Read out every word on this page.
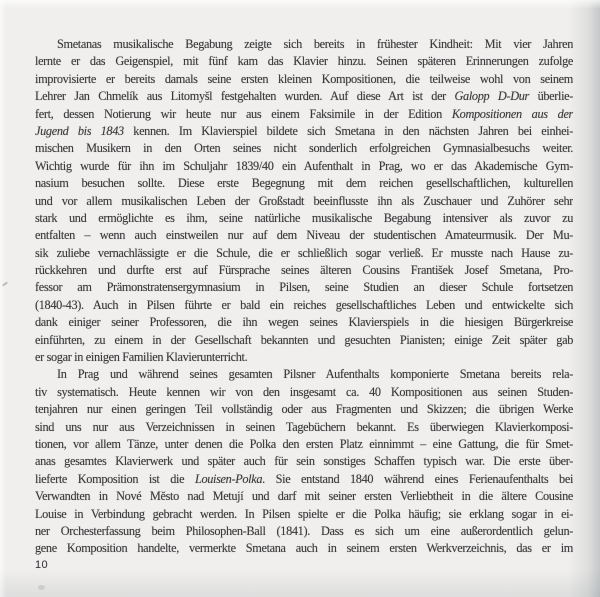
Smetanas musikalische Begabung zeigte sich bereits in frühester Kindheit: Mit vier Jahren
lernte er das Geigenspiel, mit fünf kam das Klavier hinzu. Seinen späteren Erinnerungen zufolge
improvisierte er bereits damals seine ersten kleinen Kompositionen, die teilweise wohl von seinem
Lehrer Jan Chmelík aus Litomyšl festgehalten wurden. Auf diese Art ist der Galopp D-Dur überlie-
fert, dessen Notierung wir heute nur aus einem Faksimile in der Edition Kompositionen aus der
Jugend bis 1843 kennen. Im Klavierspiel bildete sich Smetana in den nächsten Jahren bei einhei-
mischen Musikern in den Orten seines nicht sonderlich erfolgreichen Gymnasialbesuchs weiter.
Wichtig wurde für ihn im Schuljahr 1839/40 ein Aufenthalt in Prag, wo er das Akademische Gym-
nasium besuchen sollte. Diese erste Begegnung mit dem reichen gesellschaftlichen, kulturellen
und vor allem musikalischen Leben der Großstadt beeinflusste ihn als Zuschauer und Zuhörer sehr
stark und ermöglichte es ihm, seine natürliche musikalische Begabung intensiver als zuvor zu
entfalten – wenn auch einstweilen nur auf dem Niveau der studentischen Amateurmusik. Der Mu-
sik zuliebe vernachlässigte er die Schule, die er schließlich sogar verließ. Er musste nach Hause zu-
rückkehren und durfte erst auf Fürsprache seines älteren Cousins František Josef Smetana, Pro-
fessor am Prämonstratensergymnasium in Pilsen, seine Studien an dieser Schule fortsetzen
(1840-43). Auch in Pilsen führte er bald ein reiches gesellschaftliches Leben und entwickelte sich
dank einiger seiner Professoren, die ihn wegen seines Klavierspiels in die hiesigen Bürgerkreise
einführten, zu einem in der Gesellschaft bekannten und gesuchten Pianisten; einige Zeit später gab
er sogar in einigen Familien Klavierunterricht.
In Prag und während seines gesamten Pilsner Aufenthalts komponierte Smetana bereits rela-
tiv systematisch. Heute kennen wir von den insgesamt ca. 40 Kompositionen aus seinen Studen-
tenjahren nur einen geringen Teil vollständig oder aus Fragmenten und Skizzen; die übrigen Werke
sind uns nur aus Verzeichnissen in seinen Tagebüchern bekannt. Es überwiegen Klavierkomposi-
tionen, vor allem Tänze, unter denen die Polka den ersten Platz einnimmt – eine Gattung, die für Smet-
anas gesamtes Klavierwerk und später auch für sein sonstiges Schaffen typisch war. Die erste über-
lieferte Komposition ist die Louisen-Polka. Sie entstand 1840 während eines Ferienaufenthalts bei
Verwandten in Nové Město nad Metují und darf mit seiner ersten Verliebtheit in die ältere Cousine
Louise in Verbindung gebracht werden. In Pilsen spielte er die Polka häufig; sie erklang sogar in ei-
ner Orchesterfassung beim Philosophen-Ball (1841). Dass es sich um eine außerordentlich gelun-
gene Komposition handelte, vermerkte Smetana auch in seinem ersten Werkverzeichnis, das er im
10
